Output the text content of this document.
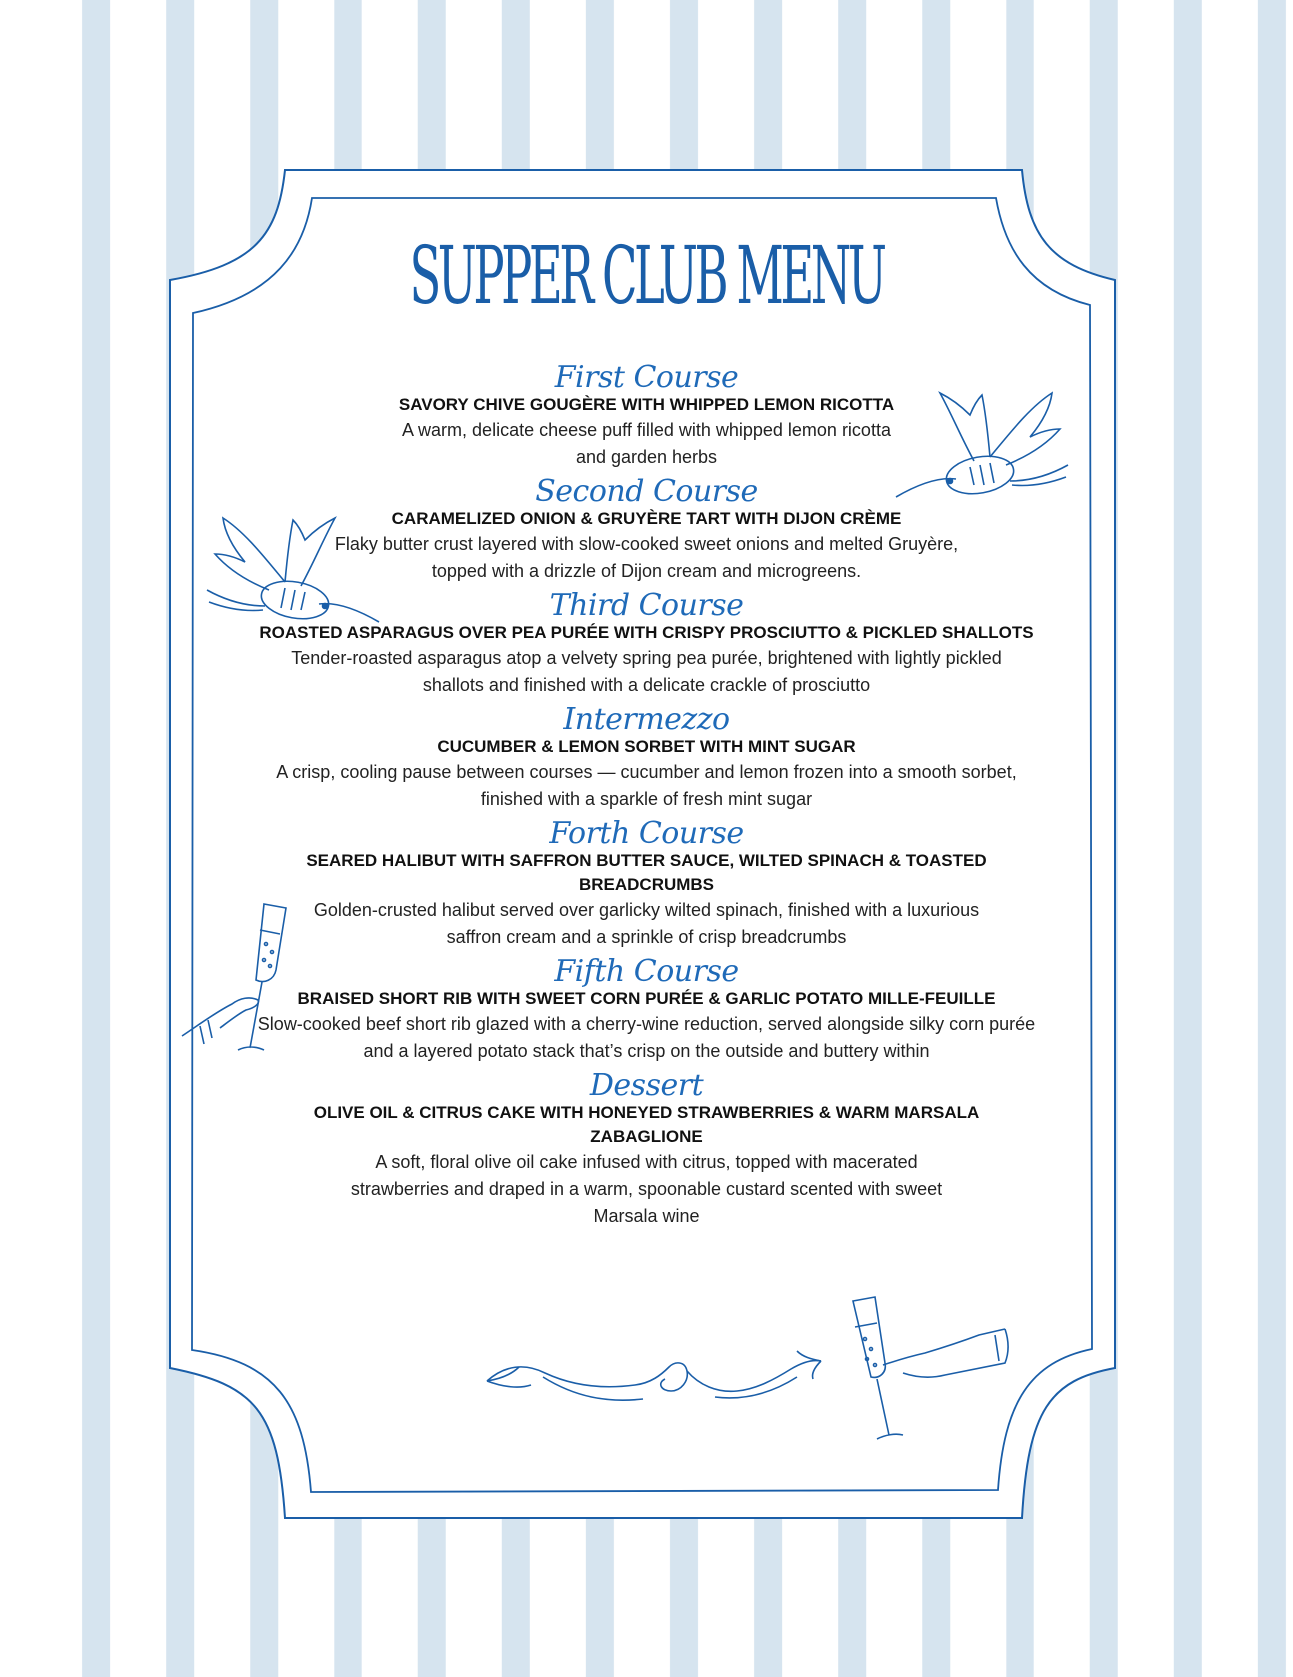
SUPPER CLUB MENU
First Course
SAVORY CHIVE GOUGÈRE WITH WHIPPED LEMON RICOTTA
A warm, delicate cheese puff filled with whipped lemon ricotta and garden herbs
Second Course
CARAMELIZED ONION & GRUYÈRE TART WITH DIJON CRÈME
Flaky butter crust layered with slow-cooked sweet onions and melted Gruyère, topped with a drizzle of Dijon cream and microgreens.
Third Course
ROASTED ASPARAGUS OVER PEA PURÉE WITH CRISPY PROSCIUTTO & PICKLED SHALLOTS
Tender-roasted asparagus atop a velvety spring pea purée, brightened with lightly pickled shallots and finished with a delicate crackle of prosciutto
Intermezzo
CUCUMBER & LEMON SORBET WITH MINT SUGAR
A crisp, cooling pause between courses — cucumber and lemon frozen into a smooth sorbet, finished with a sparkle of fresh mint sugar
Forth Course
SEARED HALIBUT WITH SAFFRON BUTTER SAUCE, WILTED SPINACH & TOASTED BREADCRUMBS
Golden-crusted halibut served over garlicky wilted spinach, finished with a luxurious saffron cream and a sprinkle of crisp breadcrumbs
Fifth Course
BRAISED SHORT RIB WITH SWEET CORN PURÉE & GARLIC POTATO MILLE-FEUILLE
Slow-cooked beef short rib glazed with a cherry-wine reduction, served alongside silky corn purée and a layered potato stack that’s crisp on the outside and buttery within
Dessert
OLIVE OIL & CITRUS CAKE WITH HONEYED STRAWBERRIES & WARM MARSALA ZABAGLIONE
A soft, floral olive oil cake infused with citrus, topped with macerated strawberries and draped in a warm, spoonable custard scented with sweet Marsala wine
